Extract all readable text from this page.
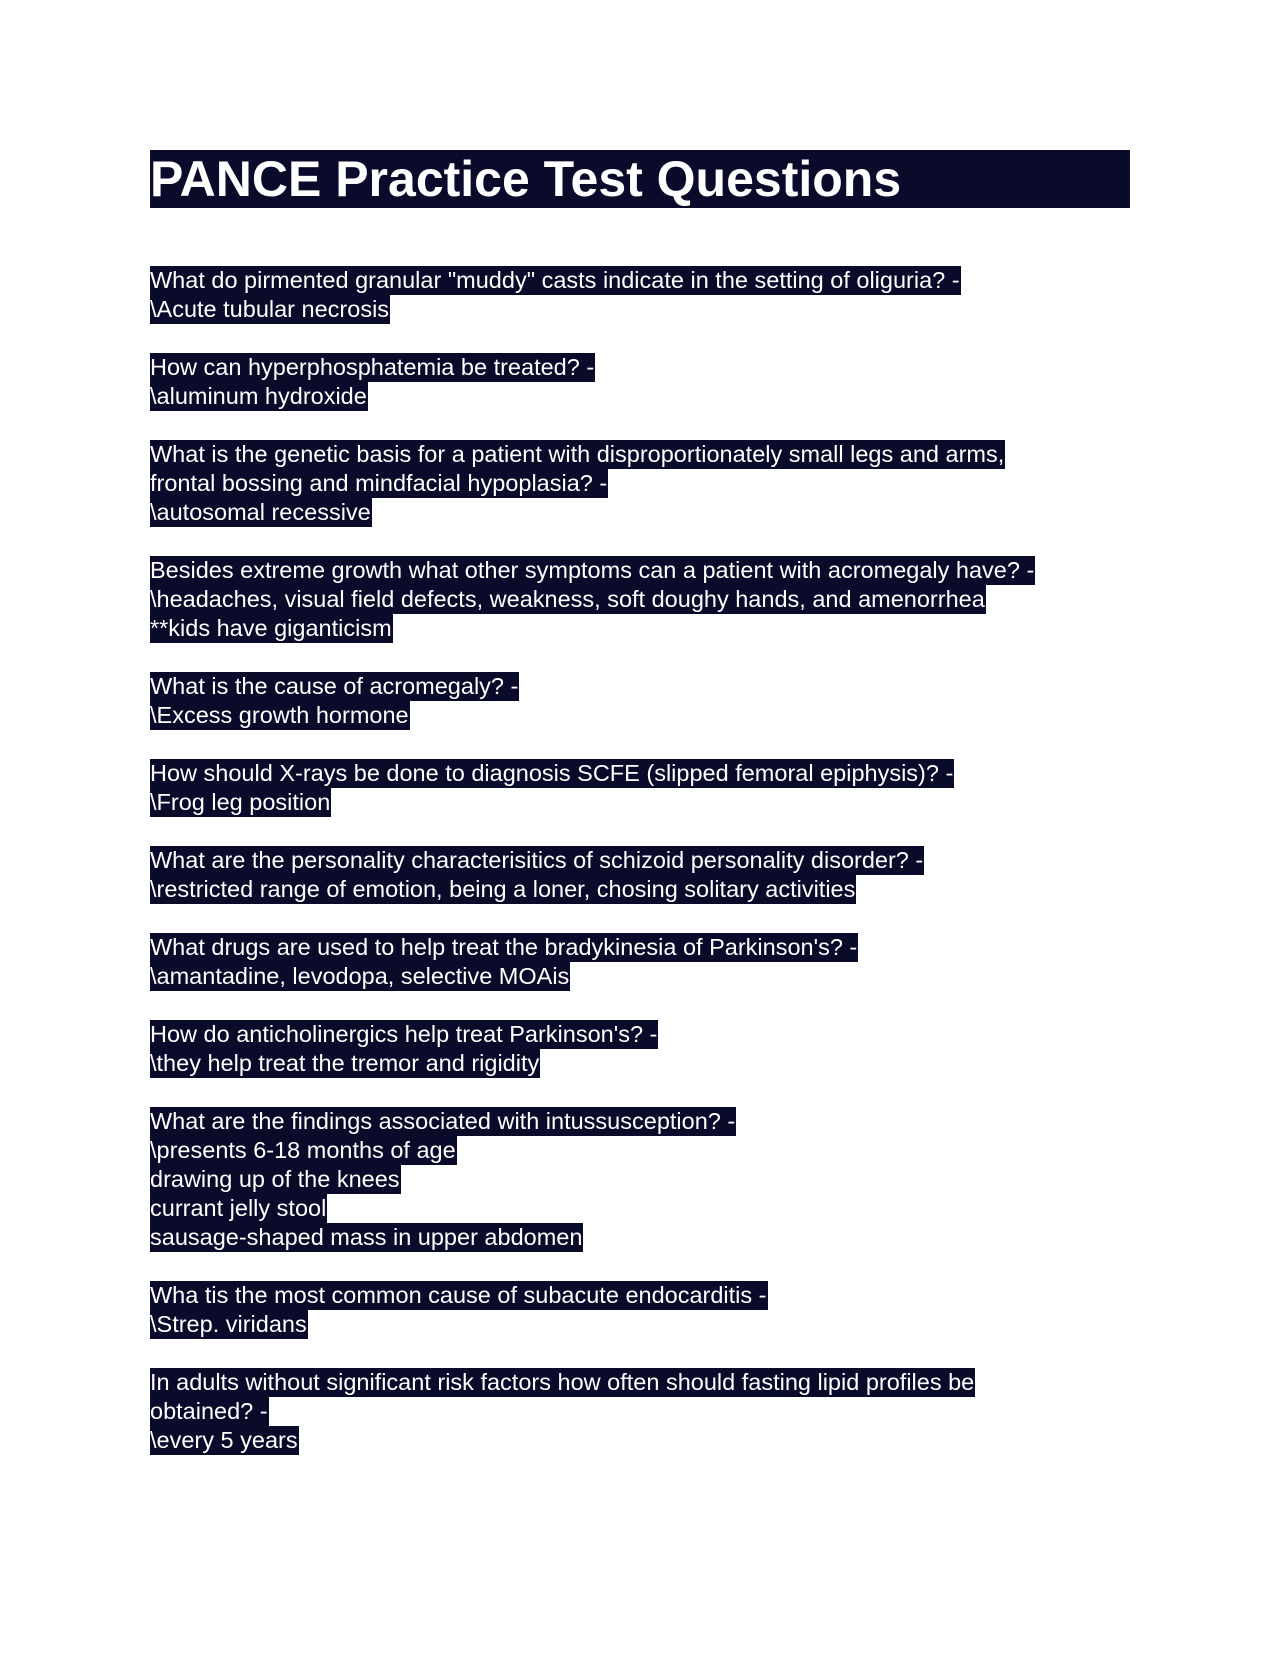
PANCE Practice Test Questions
What do pirmented granular "muddy" casts indicate in the setting of oliguria? -
\Acute tubular necrosis
How can hyperphosphatemia be treated? -
\aluminum hydroxide
What is the genetic basis for a patient with disproportionately small legs and arms,
frontal bossing and mindfacial hypoplasia? -
\autosomal recessive
Besides extreme growth what other symptoms can a patient with acromegaly have? -
\headaches, visual field defects, weakness, soft doughy hands, and amenorrhea
**kids have giganticism
What is the cause of acromegaly? -
\Excess growth hormone
How should X-rays be done to diagnosis SCFE (slipped femoral epiphysis)? -
\Frog leg position
What are the personality characterisitics of schizoid personality disorder? -
\restricted range of emotion, being a loner, chosing solitary activities
What drugs are used to help treat the bradykinesia of Parkinson's? -
\amantadine, levodopa, selective MOAis
How do anticholinergics help treat Parkinson's? -
\they help treat the tremor and rigidity
What are the findings associated with intussusception? -
\presents 6-18 months of age
drawing up of the knees
currant jelly stool
sausage-shaped mass in upper abdomen
Wha tis the most common cause of subacute endocarditis -
\Strep. viridans
In adults without significant risk factors how often should fasting lipid profiles be
obtained? -
\every 5 years
